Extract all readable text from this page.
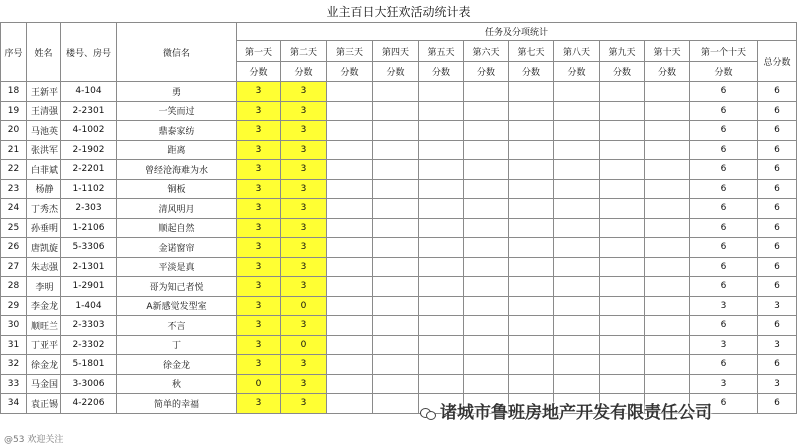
业主百日大狂欢活动统计表															
序号	姓名	楼号、房号	微信名	任务及分项统计											
				第一天	第二天	第三天	第四天	第五天	第六天	第七天	第八天	第九天	第十天	第一个十天	总分数
				分数	分数	分数	分数	分数	分数	分数	分数	分数	分数	分数	
18	王新平	4-104	勇	3	3									6	6
19	王清强	2-2301	一笑而过	3	3									6	6
20	马池英	4-1002	鼎泰家纺	3	3									6	6
21	张洪军	2-1902	距离	3	3									6	6
22	白菲斌	2-2201	曾经沧海难为水	3	3									6	6
23	杨静	1-1102	铜板	3	3									6	6
24	丁秀杰	2-303	清风明月	3	3									6	6
25	孙垂明	1-2106	顺起自然	3	3									6	6
26	唐凯旋	5-3306	金诺窗帘	3	3									6	6
27	朱志强	2-1301	平淡是真	3	3									6	6
28	李明	1-2901	哥为知己者悦	3	3									6	6
29	李金龙	1-404	A新感觉发型室	3	0									3	3
30	顺旺兰	2-3303	不言	3	3									6	6
31	丁亚平	2-3302	丁	3	0									3	3
32	徐金龙	5-1801	徐金龙	3	3									6	6
33	马金国	3-3006	秋	0	3									3	3
34	袁正锡	4-2206	简单的幸福	3	3									6	6
诸城市鲁班房地产开发有限责任公司
@53 欢迎关注
